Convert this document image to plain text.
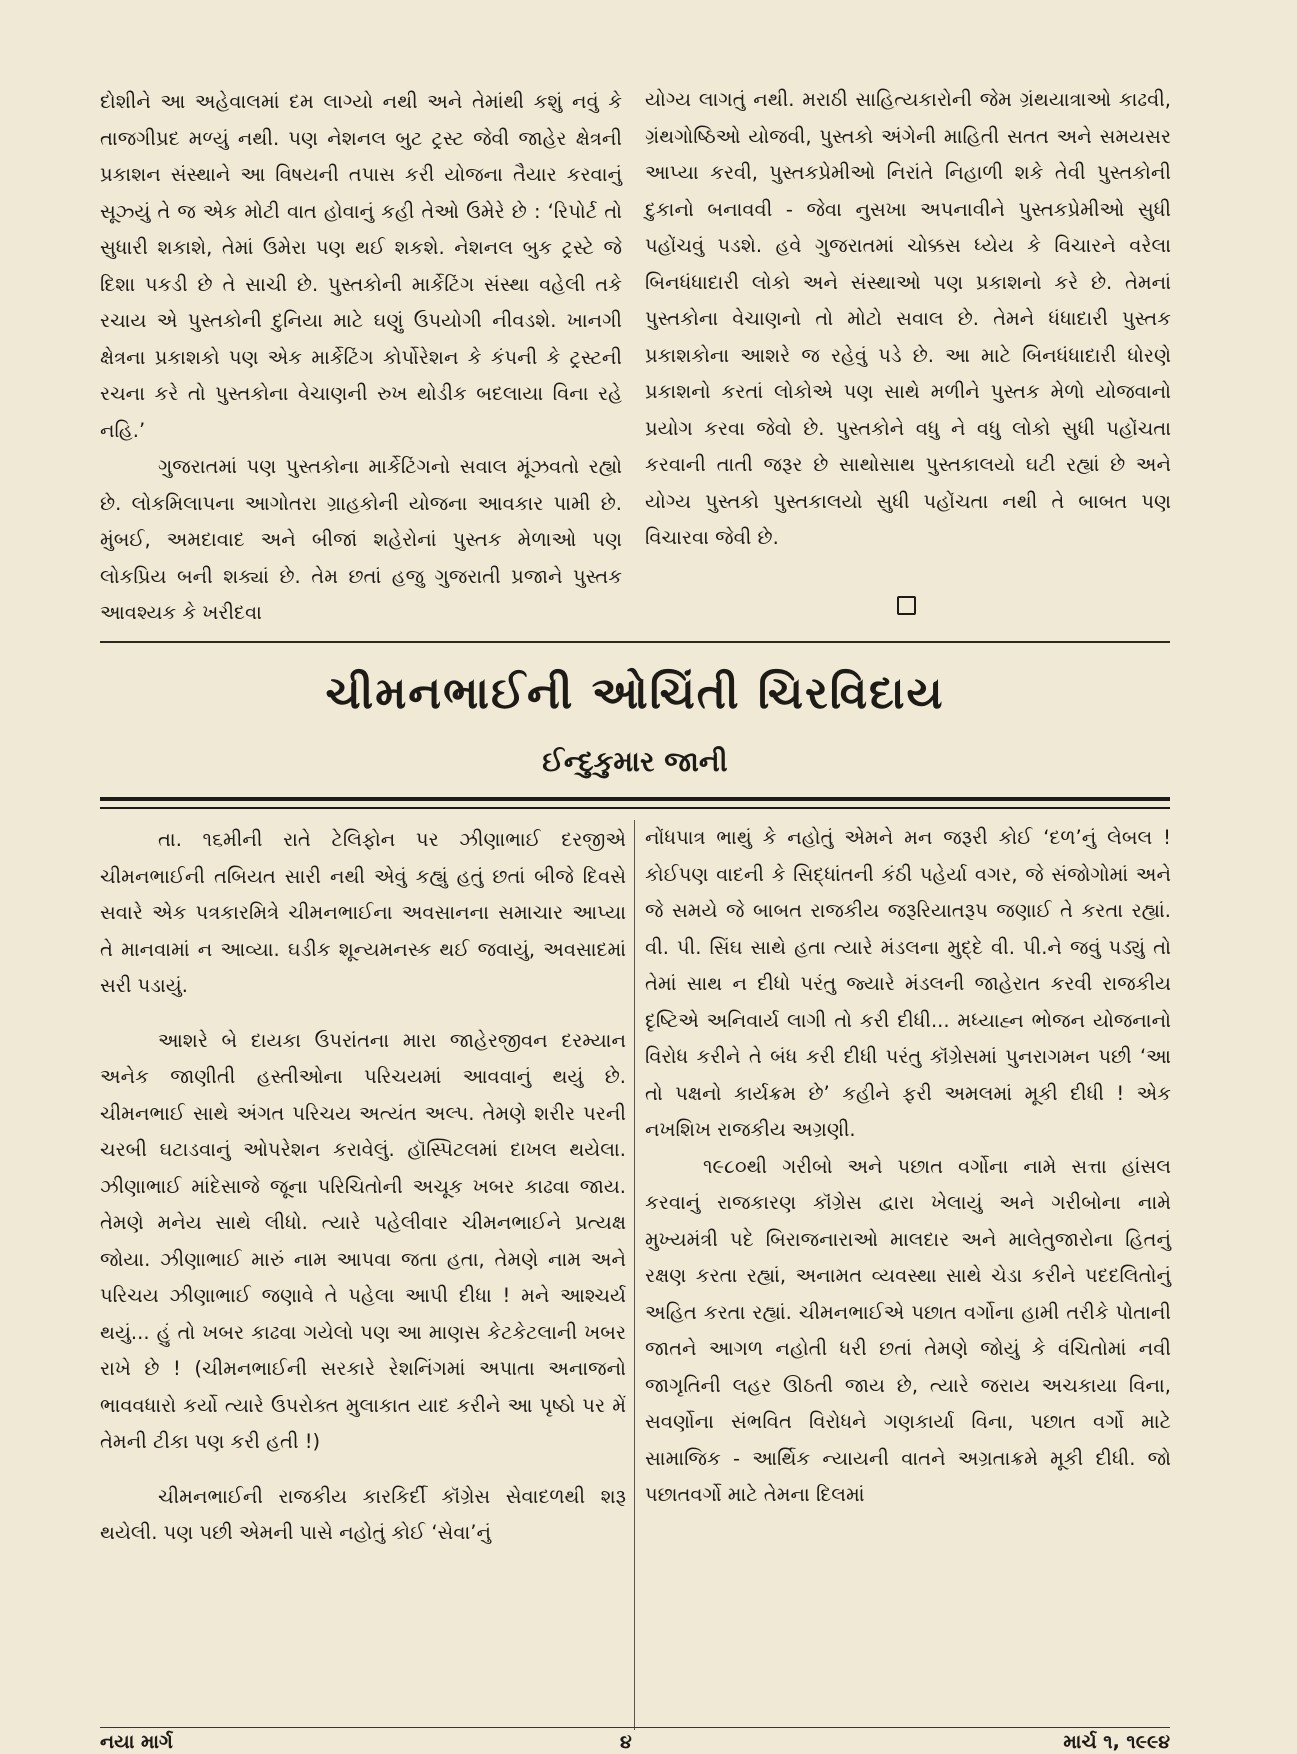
દોશીને આ અહેવાલમાં દમ લાગ્યો નથી અને તેમાંથી કશું નવું કે તાજગીપ્રદ મળ્યું નથી. પણ નેશનલ બુટ ટ્રસ્ટ જેવી જાહેર ક્ષેત્રની પ્રકાશન સંસ્થાને આ વિષયની તપાસ કરી યોજના તૈયાર કરવાનું સૂઝ્યું તે જ એક મોટી વાત હોવાનું કહી તેઓ ઉમેરે છે : ‘રિપોર્ટ તો સુધારી શકાશે, તેમાં ઉમેરા પણ થઈ શકશે. નેશનલ બુક ટ્રસ્ટે જે દિશા પકડી છે તે સાચી છે. પુસ્તકોની માર્કેટિંગ સંસ્થા વહેલી તકે રચાય એ પુસ્તકોની દુનિયા માટે ઘણું ઉપયોગી નીવડશે. ખાનગી ક્ષેત્રના પ્રકાશકો પણ એક માર્કેટિંગ કોર્પોરેશન કે કંપની કે ટ્રસ્ટની રચના કરે તો પુસ્તકોના વેચાણની રુખ થોડીક બદલાયા વિના રહે નહિ.’

ગુજરાતમાં પણ પુસ્તકોના માર્કેટિંગનો સવાલ મૂંઝવતો રહ્યો છે. લોકમિલાપના આગોતરા ગ્રાહકોની યોજના આવકાર પામી છે. મુંબઈ, અમદાવાદ અને બીજાં શહેરોનાં પુસ્તક મેળાઓ પણ લોકપ્રિય બની શક્યાં છે. તેમ છતાં હજુ ગુજરાતી પ્રજાને પુસ્તક આવશ્યક કે ખરીદવા

યોગ્ય લાગતું નથી. મરાઠી સાહિત્યકારોની જેમ ગ્રંથયાત્રાઓ કાઢવી, ગ્રંથગોષ્ઠિઓ યોજવી, પુસ્તકો અંગેની માહિતી સતત અને સમયસર આપ્યા કરવી, પુસ્તકપ્રેમીઓ નિરાંતે નિહાળી શકે તેવી પુસ્તકોની દુકાનો બનાવવી - જેવા નુસખા અપનાવીને પુસ્તકપ્રેમીઓ સુધી પહોંચવું પડશે. હવે ગુજરાતમાં ચોક્કસ ધ્યેય કે વિચારને વરેલા બિનધંધાદારી લોકો અને સંસ્થાઓ પણ પ્રકાશનો કરે છે. તેમનાં પુસ્તકોના વેચાણનો તો મોટો સવાલ છે. તેમને ધંધાદારી પુસ્તક પ્રકાશકોના આશરે જ રહેવું પડે છે. આ માટે બિનધંધાદારી ધોરણે પ્રકાશનો કરતાં લોકોએ પણ સાથે મળીને પુસ્તક મેળો યોજવાનો પ્રયોગ કરવા જેવો છે. પુસ્તકોને વધુ ને વધુ લોકો સુધી પહોંચતા કરવાની તાતી જરૂર છે સાથોસાથ પુસ્તકાલયો ઘટી રહ્યાં છે અને યોગ્ય પુસ્તકો પુસ્તકાલયો સુધી પહોંચતા નથી તે બાબત પણ વિચારવા જેવી છે.

ચીમનભાઈની ઓચિંતી ચિરવિદાય
ઈન્દુકુમાર જાની

તા. ૧૬મીની રાતે ટેલિફોન પર ઝીણાભાઈ દરજીએ ચીમનભાઈની તબિયત સારી નથી એવું કહ્યું હતું છતાં બીજે દિવસે સવારે એક પત્રકારમિત્રે ચીમનભાઈના અવસાનના સમાચાર આપ્યા તે માનવામાં ન આવ્યા. ઘડીક શૂન્યમનસ્ક થઈ જવાયું, અવસાદમાં સરી પડાયું.

આશરે બે દાયકા ઉપરાંતના મારા જાહેરજીવન દરમ્યાન અનેક જાણીતી હસ્તીઓના પરિચયમાં આવવાનું થયું છે. ચીમનભાઈ સાથે અંગત પરિચય અત્યંત અલ્પ. તેમણે શરીર પરની ચરબી ઘટાડવાનું ઓપરેશન કરાવેલું. હૉસ્પિટલમાં દાખલ થયેલા. ઝીણાભાઈ માંદેસાજે જૂના પરિચિતોની અચૂક ખબર કાઢવા જાય. તેમણે મનેય સાથે લીધો. ત્યારે પહેલીવાર ચીમનભાઈને પ્રત્યક્ષ જોયા. ઝીણાભાઈ મારું નામ આપવા જતા હતા, તેમણે નામ અને પરિચય ઝીણાભાઈ જણાવે તે પહેલા આપી દીધા ! મને આશ્ચર્ય થયું... હું તો ખબર કાઢવા ગયેલો પણ આ માણસ કેટકેટલાની ખબર રાખે છે ! (ચીમનભાઈની સરકારે રેશનિંગમાં અપાતા અનાજનો ભાવવધારો કર્યો ત્યારે ઉપરોક્ત મુલાકાત યાદ કરીને આ પૃષ્ઠો પર મેં તેમની ટીકા પણ કરી હતી !)

ચીમનભાઈની રાજકીય કારકિર્દી કૉંગ્રેસ સેવાદળથી શરૂ થયેલી. પણ પછી એમની પાસે નહોતું કોઈ ‘સેવા’નું

નોંધપાત્ર ભાથું કે નહોતું એમને મન જરૂરી કોઈ ‘દળ’નું લેબલ ! કોઈપણ વાદની કે સિદ્ધાંતની કંઠી પહેર્યા વગર, જે સંજોગોમાં અને જે સમયે જે બાબત રાજકીય જરૂરિયાતરૂપ જણાઈ તે કરતા રહ્યાં. વી. પી. સિંઘ સાથે હતા ત્યારે મંડલના મુદ્દે વી. પી.ને જવું પડ્યું તો તેમાં સાથ ન દીધો પરંતુ જ્યારે મંડલની જાહેરાત કરવી રાજકીય દૃષ્ટિએ અનિવાર્ય લાગી તો કરી દીધી... મધ્યાહ્ન ભોજન યોજનાનો વિરોધ કરીને તે બંધ કરી દીધી પરંતુ કૉંગ્રેસમાં પુનરાગમન પછી ‘આ તો પક્ષનો કાર્યક્રમ છે’ કહીને ફરી અમલમાં મૂકી દીધી ! એક નખશિખ રાજકીય અગ્રણી.

૧૯૮૦થી ગરીબો અને પછાત વર્ગોના નામે સત્તા હાંસલ કરવાનું રાજકારણ કૉંગ્રેસ દ્વારા ખેલાયું અને ગરીબોના નામે મુખ્યમંત્રી પદે બિરાજનારાઓ માલદાર અને માલેતુજારોના હિતનું રક્ષણ કરતા રહ્યાં, અનામત વ્યવસ્થા સાથે ચેડા કરીને પદદલિતોનું અહિત કરતા રહ્યાં. ચીમનભાઈએ પછાત વર્ગોના હામી તરીકે પોતાની જાતને આગળ નહોતી ધરી છતાં તેમણે જોયું કે વંચિતોમાં નવી જાગૃતિની લહર ઊઠતી જાય છે, ત્યારે જરાય અચકાયા વિના, સવર્ણોના સંભવિત વિરોધને ગણકાર્યા વિના, પછાત વર્ગો માટે સામાજિક - આર્થિક ન્યાયની વાતને અગ્રતાક્રમે મૂકી દીધી. જો પછાતવર્ગો માટે તેમના દિલમાં

નયા માર્ગ	૪	માર્ચ ૧, ૧૯૯૪
